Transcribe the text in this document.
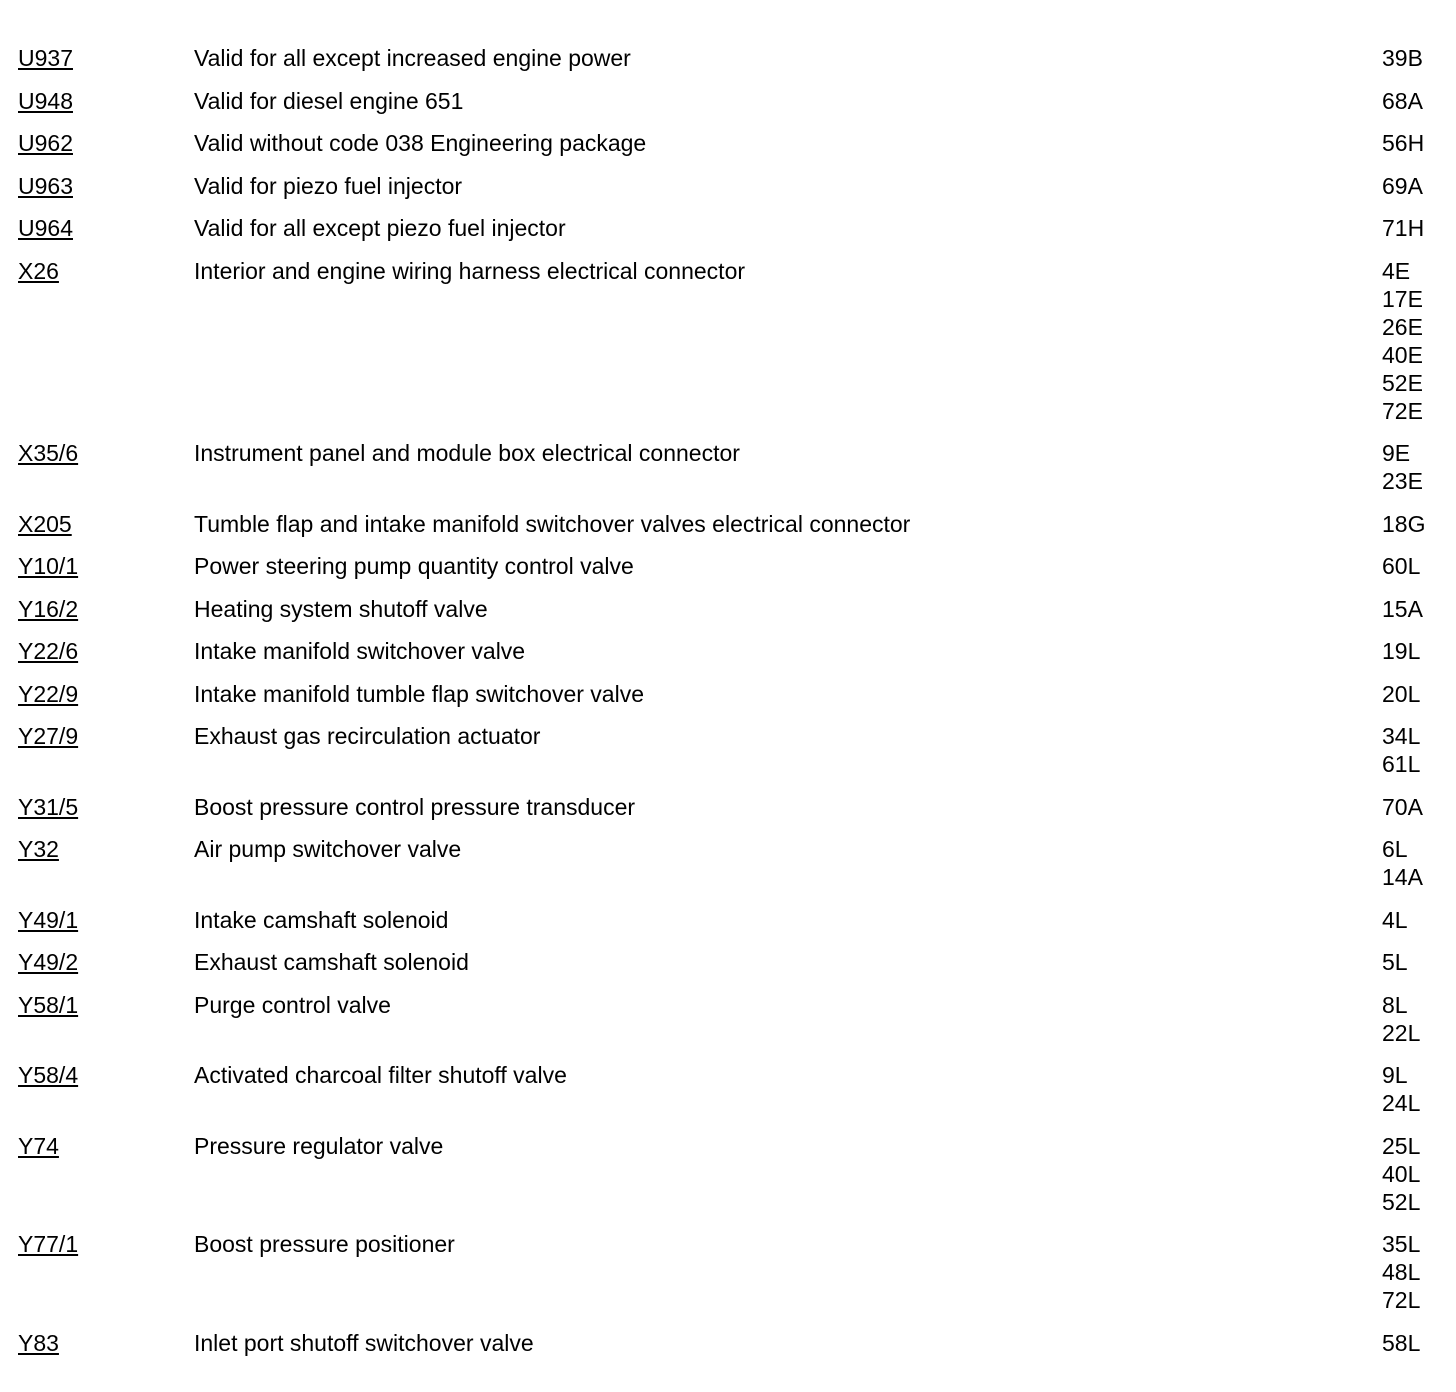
U937	Valid for all except increased engine power	39B
U948	Valid for diesel engine 651	68A
U962	Valid without code 038 Engineering package	56H
U963	Valid for piezo fuel injector	69A
U964	Valid for all except piezo fuel injector	71H
X26	Interior and engine wiring harness electrical connector	4E
17E
26E
40E
52E
72E
X35/6	Instrument panel and module box electrical connector	9E
23E
X205	Tumble flap and intake manifold switchover valves electrical connector	18G
Y10/1	Power steering pump quantity control valve	60L
Y16/2	Heating system shutoff valve	15A
Y22/6	Intake manifold switchover valve	19L
Y22/9	Intake manifold tumble flap switchover valve	20L
Y27/9	Exhaust gas recirculation actuator	34L
61L
Y31/5	Boost pressure control pressure transducer	70A
Y32	Air pump switchover valve	6L
14A
Y49/1	Intake camshaft solenoid	4L
Y49/2	Exhaust camshaft solenoid	5L
Y58/1	Purge control valve	8L
22L
Y58/4	Activated charcoal filter shutoff valve	9L
24L
Y74	Pressure regulator valve	25L
40L
52L
Y77/1	Boost pressure positioner	35L
48L
72L
Y83	Inlet port shutoff switchover valve	58L
